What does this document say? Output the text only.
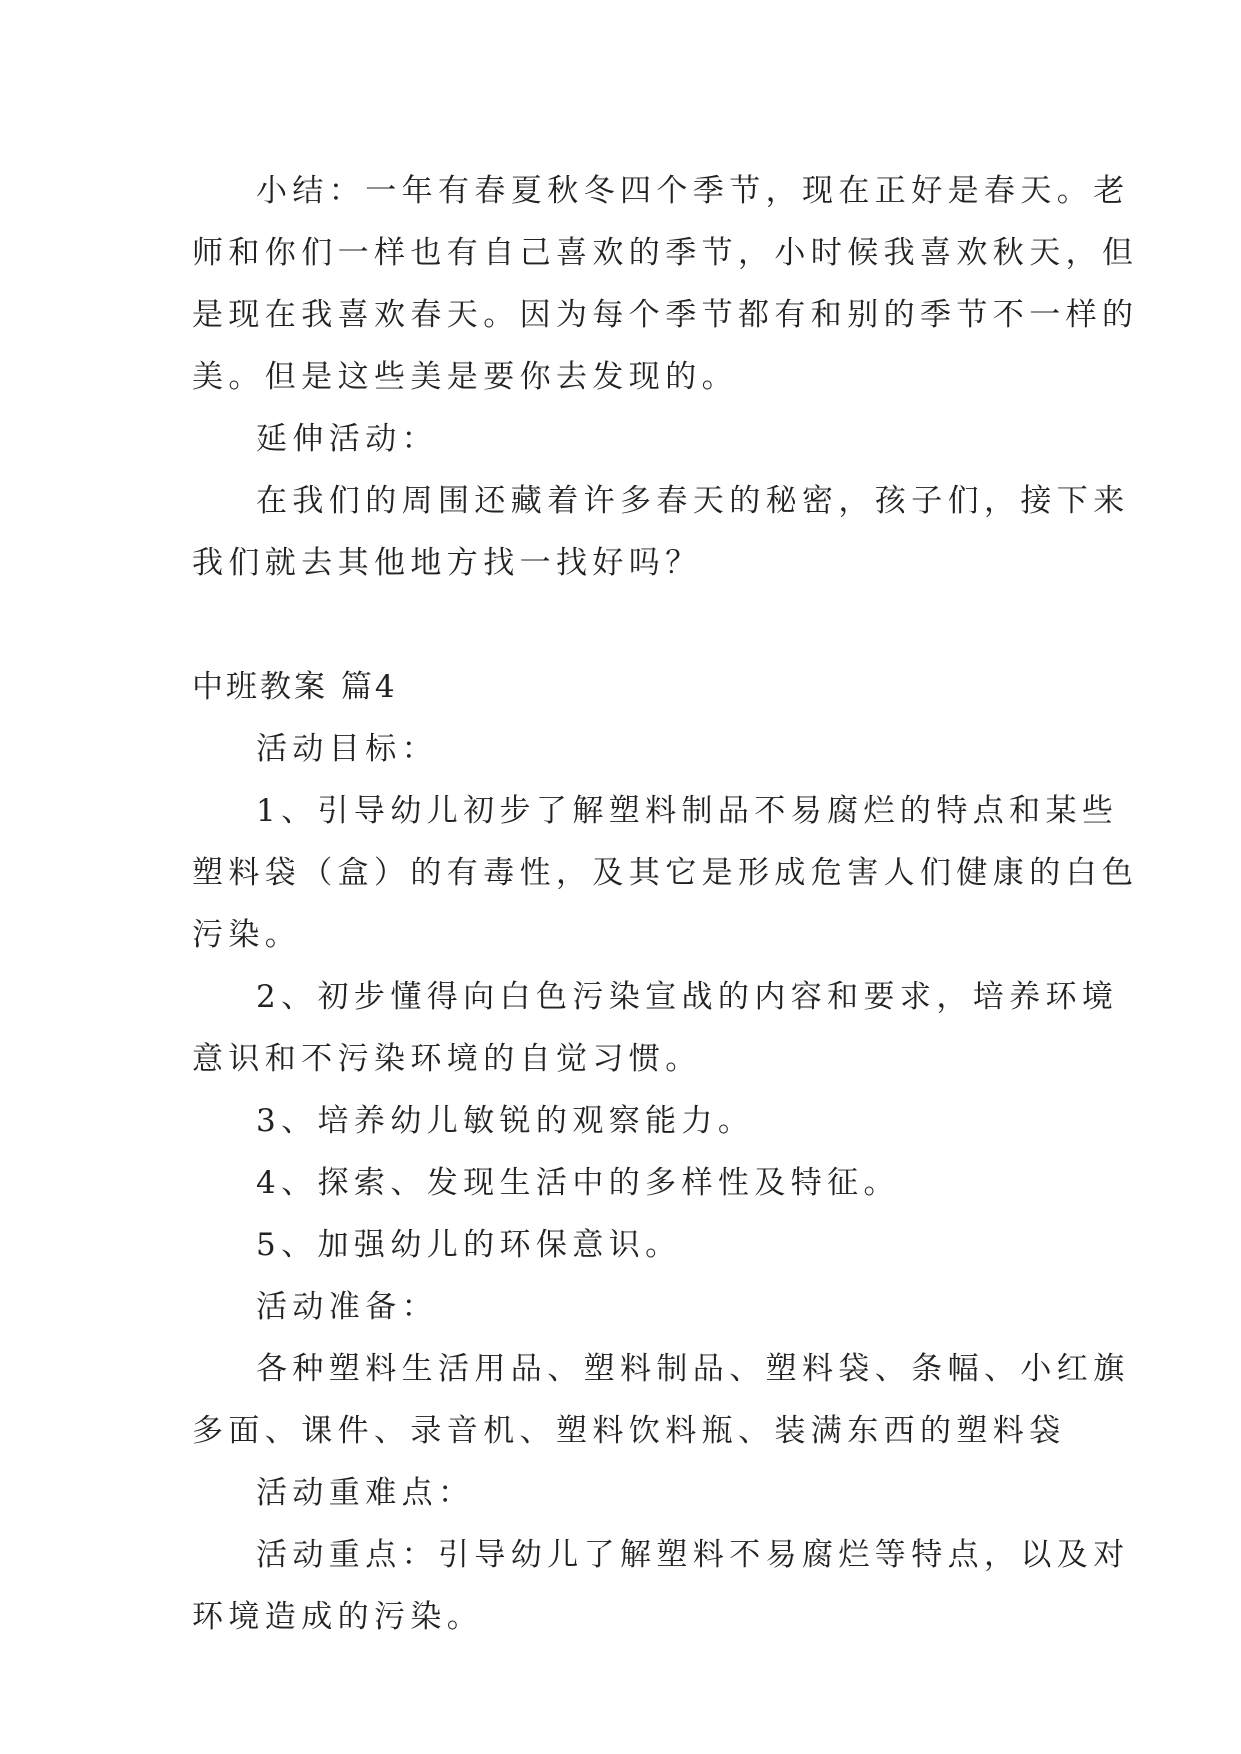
小结：一年有春夏秋冬四个季节，现在正好是春天。老

师和你们一样也有自己喜欢的季节，小时候我喜欢秋天，但

是现在我喜欢春天。因为每个季节都有和别的季节不一样的

美。但是这些美是要你去发现的。

延伸活动：

在我们的周围还藏着许多春天的秘密，孩子们，接下来

我们就去其他地方找一找好吗？

中班教案 篇4

活动目标：

1、引导幼儿初步了解塑料制品不易腐烂的特点和某些

塑料袋（盒）的有毒性，及其它是形成危害人们健康的白色

污染。

2、初步懂得向白色污染宣战的内容和要求，培养环境

意识和不污染环境的自觉习惯。

3、培养幼儿敏锐的观察能力。

4、探索、发现生活中的多样性及特征。

5、加强幼儿的环保意识。

活动准备：

各种塑料生活用品、塑料制品、塑料袋、条幅、小红旗

多面、课件、录音机、塑料饮料瓶、装满东西的塑料袋

活动重难点：

活动重点：引导幼儿了解塑料不易腐烂等特点，以及对

环境造成的污染。
